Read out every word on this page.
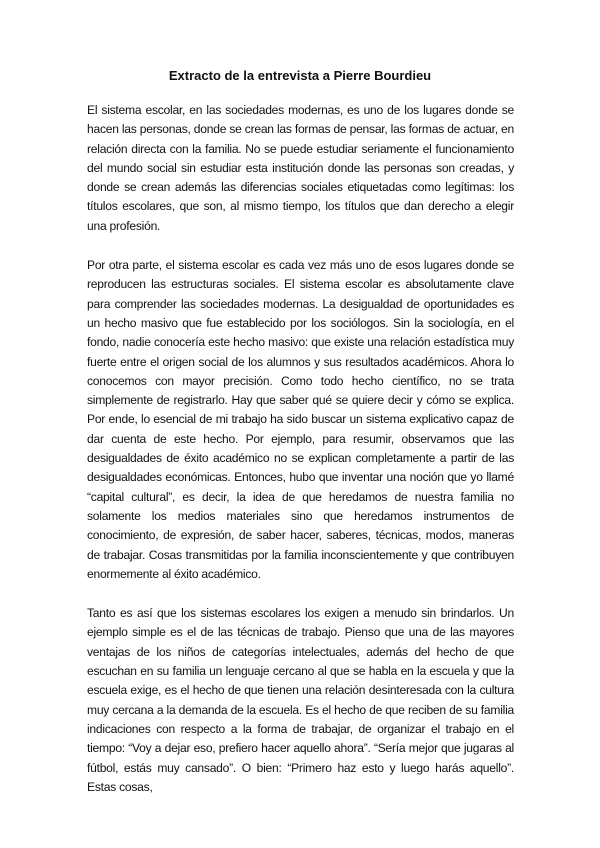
Extracto de la entrevista a Pierre Bourdieu

El sistema escolar, en las sociedades modernas, es uno de los lugares donde se hacen las personas, donde se crean las formas de pensar, las formas de actuar, en relación directa con la familia. No se puede estudiar seriamente el funcionamiento del mundo social sin estudiar esta institución donde las personas son creadas, y donde se crean además las diferencias sociales etiquetadas como legítimas: los títulos escolares, que son, al mismo tiempo, los títulos que dan derecho a elegir una profesión.

Por otra parte, el sistema escolar es cada vez más uno de esos lugares donde se reproducen las estructuras sociales. El sistema escolar es absolutamente clave para comprender las sociedades modernas. La desigualdad de oportunidades es un hecho masivo que fue establecido por los sociólogos. Sin la sociología, en el fondo, nadie conocería este hecho masivo: que existe una relación estadística muy fuerte entre el origen social de los alumnos y sus resultados académicos. Ahora lo conocemos con mayor precisión. Como todo hecho científico, no se trata simplemente de registrarlo. Hay que saber qué se quiere decir y cómo se explica. Por ende, lo esencial de mi trabajo ha sido buscar un sistema explicativo capaz de dar cuenta de este hecho. Por ejemplo, para resumir, observamos que las desigualdades de éxito académico no se explican completamente a partir de las desigualdades económicas. Entonces, hubo que inventar una noción que yo llamé “capital cultural”, es decir, la idea de que heredamos de nuestra familia no solamente los medios materiales sino que heredamos instrumentos de conocimiento, de expresión, de saber hacer, saberes, técnicas, modos, maneras de trabajar. Cosas transmitidas por la familia inconscientemente y que contribuyen enormemente al éxito académico.

Tanto es así que los sistemas escolares los exigen a menudo sin brindarlos. Un ejemplo simple es el de las técnicas de trabajo. Pienso que una de las mayores ventajas de los niños de categorías intelectuales, además del hecho de que escuchan en su familia un lenguaje cercano al que se habla en la escuela y que la escuela exige, es el hecho de que tienen una relación desinteresada con la cultura muy cercana a la demanda de la escuela. Es el hecho de que reciben de su familia indicaciones con respecto a la forma de trabajar, de organizar el trabajo en el tiempo: “Voy a dejar eso, prefiero hacer aquello ahora”. “Sería mejor que jugaras al fútbol, estás muy cansado”. O bien: “Primero haz esto y luego harás aquello”. Estas cosas,
